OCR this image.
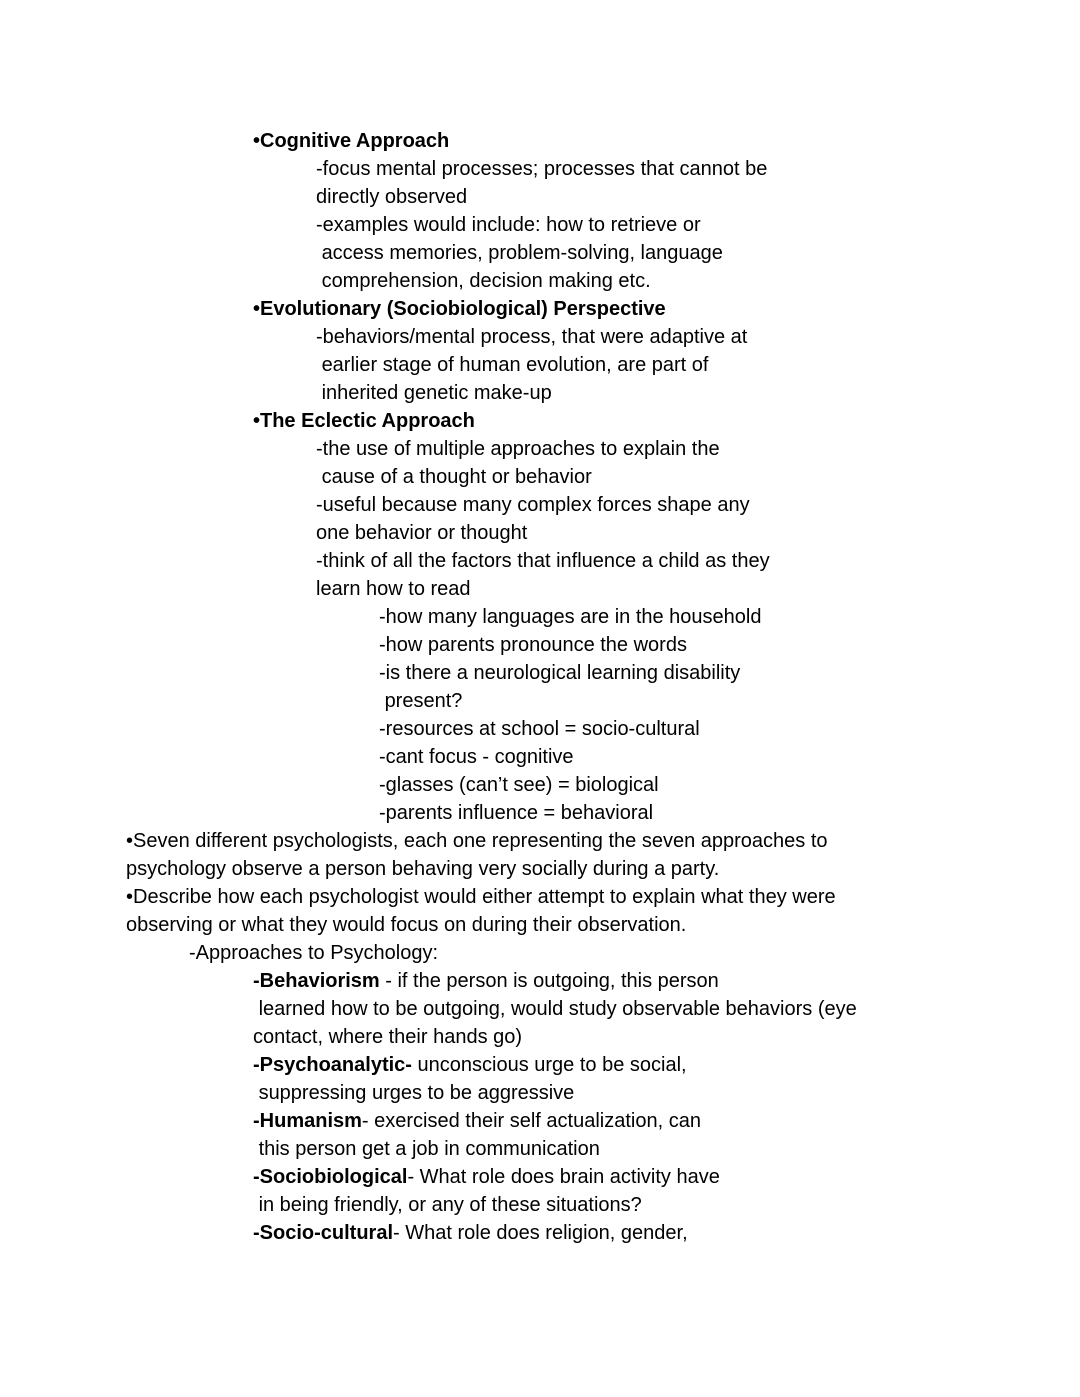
•Cognitive Approach
-focus mental processes; processes that cannot be
directly observed
-examples would include: how to retrieve or
access memories, problem-solving, language
comprehension, decision making etc.
•Evolutionary (Sociobiological) Perspective
-behaviors/mental process, that were adaptive at
earlier stage of human evolution, are part of
inherited genetic make-up
•The Eclectic Approach
-the use of multiple approaches to explain the
cause of a thought or behavior
-useful because many complex forces shape any
one behavior or thought
-think of all the factors that influence a child as they
learn how to read
-how many languages are in the household
-how parents pronounce the words
-is there a neurological learning disability
present?
-resources at school = socio-cultural
-cant focus - cognitive
-glasses (can’t see) = biological
-parents influence = behavioral
•Seven different psychologists, each one representing the seven approaches to
psychology observe a person behaving very socially during a party.
•Describe how each psychologist would either attempt to explain what they were
observing or what they would focus on during their observation.
-Approaches to Psychology:
-Behaviorism - if the person is outgoing, this person
learned how to be outgoing, would study observable behaviors (eye
contact, where their hands go)
-Psychoanalytic- unconscious urge to be social,
suppressing urges to be aggressive
-Humanism- exercised their self actualization, can
this person get a job in communication
-Sociobiological- What role does brain activity have
in being friendly, or any of these situations?
-Socio-cultural- What role does religion, gender,
